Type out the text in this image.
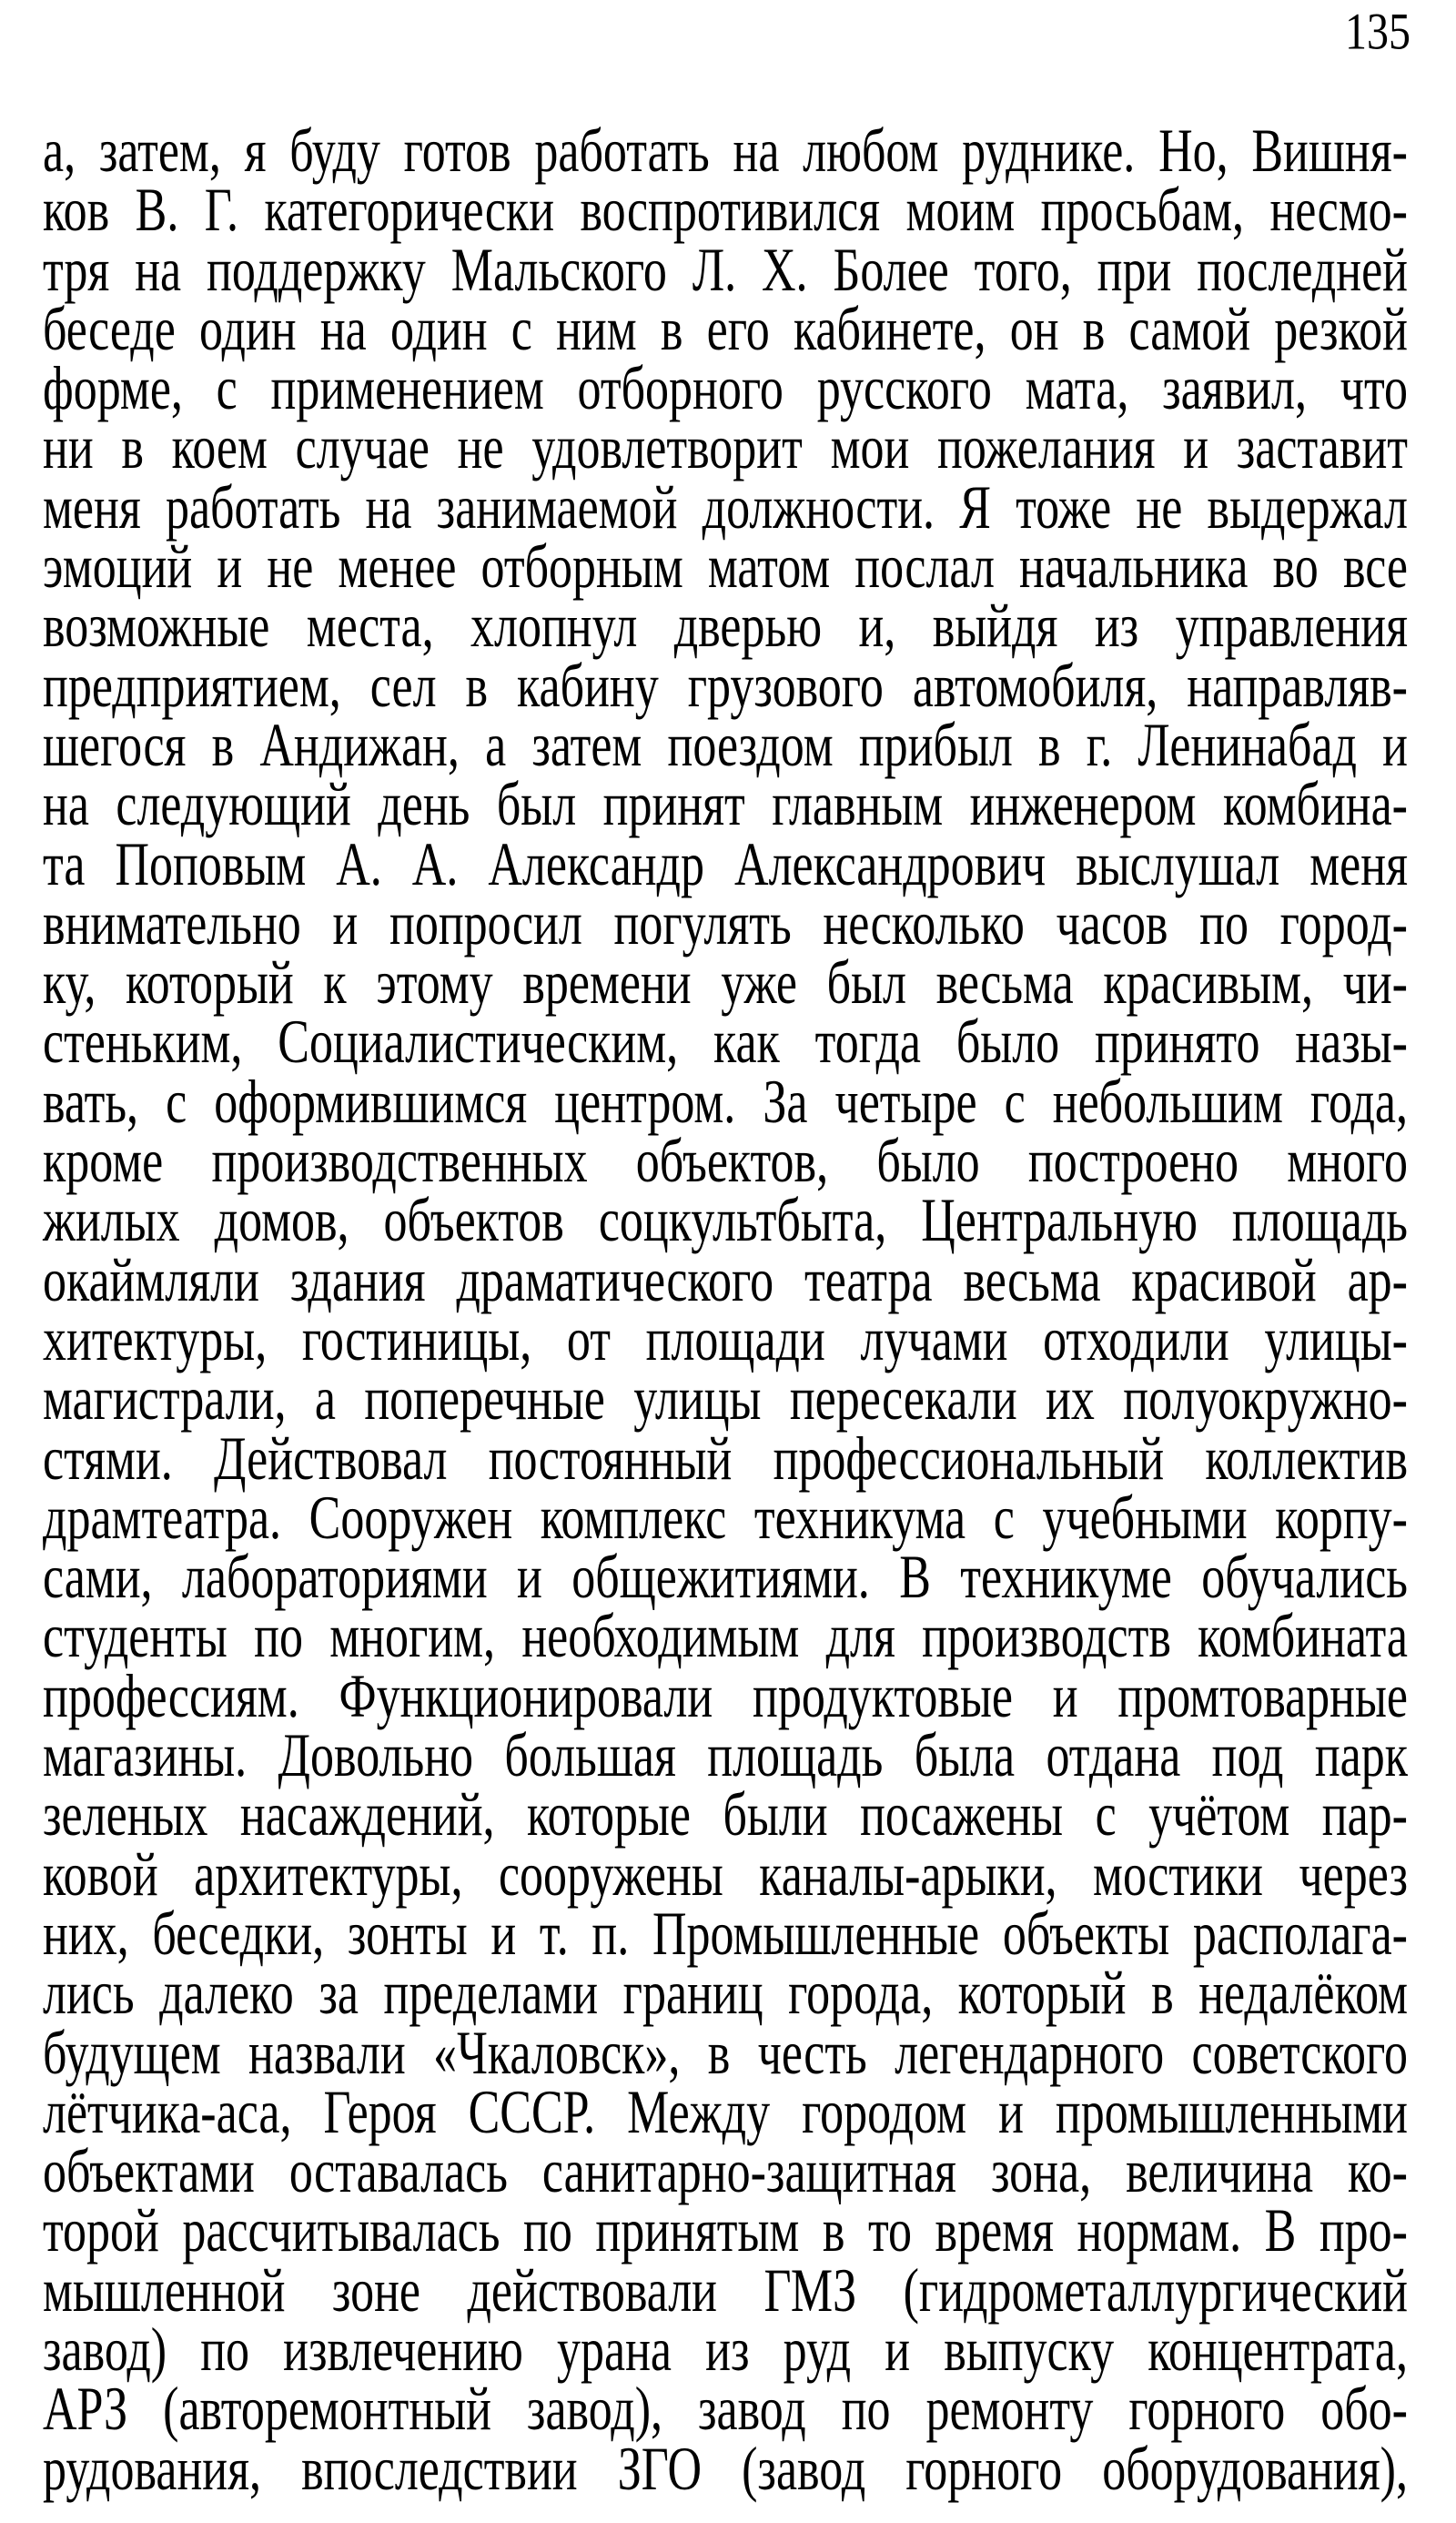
135
а, затем, я буду готов работать на любом руднике. Но, Вишня-
ков В. Г. категорически воспротивился моим просьбам, несмо-
тря на поддержку Мальского Л. Х. Более того, при последней
беседе один на один с ним в его кабинете, он в самой резкой
форме, с применением отборного русского мата, заявил, что
ни в коем случае не удовлетворит мои пожелания и заставит
меня работать на занимаемой должности. Я тоже не выдержал
эмоций и не менее отборным матом послал начальника во все
возможные места, хлопнул дверью и, выйдя из управления
предприятием, сел в кабину грузового автомобиля, направляв-
шегося в Андижан, а затем поездом прибыл в г. Ленинабад и
на следующий день был принят главным инженером комбина-
та Поповым А. А. Александр Александрович выслушал меня
внимательно и попросил погулять несколько часов по город-
ку, который к этому времени уже был весьма красивым, чи-
стеньким, Социалистическим, как тогда было принято назы-
вать, с оформившимся центром. За четыре с небольшим года,
кроме производственных объектов, было построено много
жилых домов, объектов соцкультбыта, Центральную площадь
окаймляли здания драматического театра весьма красивой ар-
хитектуры, гостиницы, от площади лучами отходили улицы-
магистрали, а поперечные улицы пересекали их полуокружно-
стями. Действовал постоянный профессиональный коллектив
драмтеатра. Сооружен комплекс техникума с учебными корпу-
сами, лабораториями и общежитиями. В техникуме обучались
студенты по многим, необходимым для производств комбината
профессиям. Функционировали продуктовые и промтоварные
магазины. Довольно большая площадь была отдана под парк
зеленых насаждений, которые были посажены с учётом пар-
ковой архитектуры, сооружены каналы-арыки, мостики через
них, беседки, зонты и т. п. Промышленные объекты располага-
лись далеко за пределами границ города, который в недалёком
будущем назвали «Чкаловск», в честь легендарного советского
лётчика-аса, Героя СССР. Между городом и промышленными
объектами оставалась санитарно-защитная зона, величина ко-
торой рассчитывалась по принятым в то время нормам. В про-
мышленной зоне действовали ГМЗ (гидрометаллургический
завод) по извлечению урана из руд и выпуску концентрата,
АРЗ (авторемонтный завод), завод по ремонту горного обо-
рудования, впоследствии ЗГО (завод горного оборудования),
